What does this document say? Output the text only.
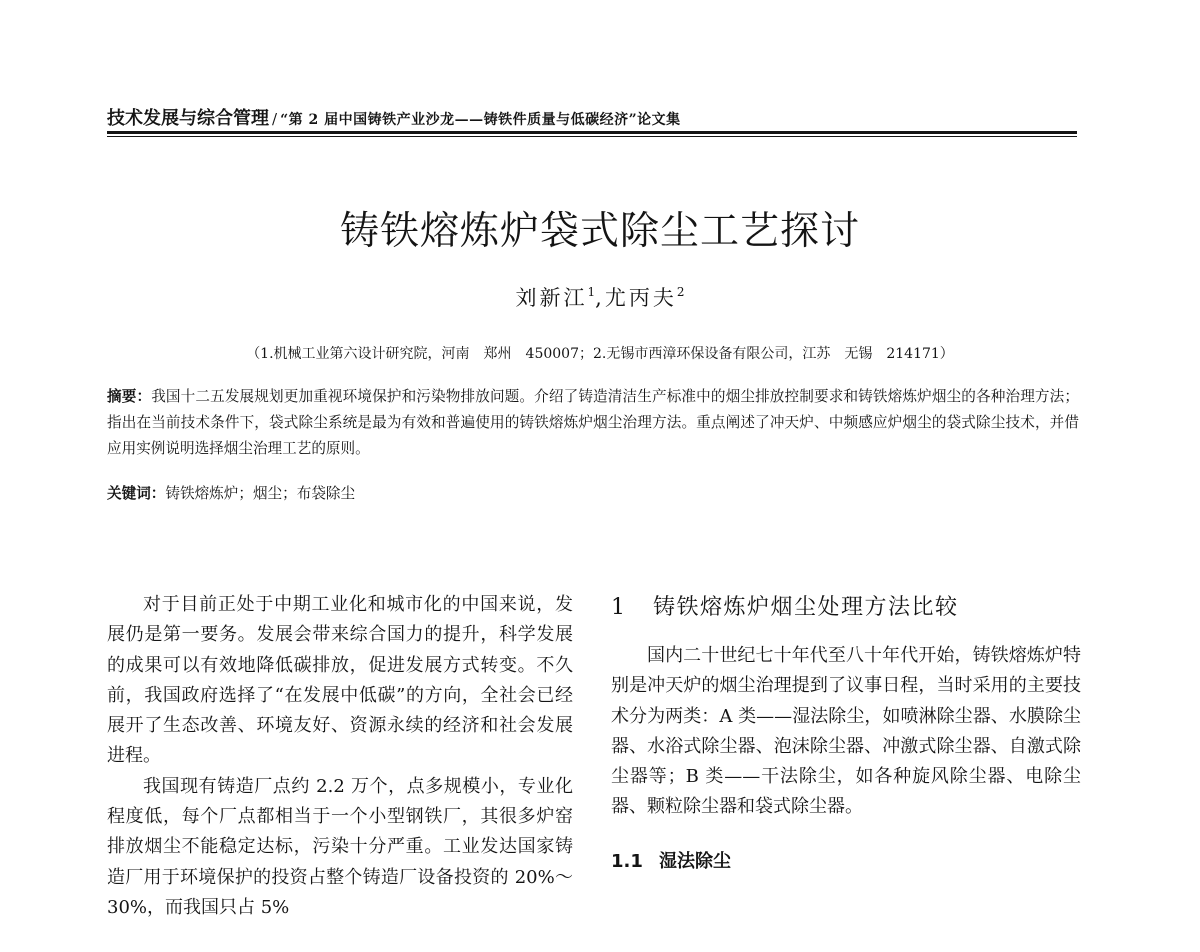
技术发展与综合管理 / “第 2 届中国铸铁产业沙龙——铸铁件质量与低碳经济”论文集
铸铁熔炼炉袋式除尘工艺探讨
刘新江$^1$,尤丙夫$^2$
（1.机械工业第六设计研究院，河南　郑州　450007；2.无锡市西漳环保设备有限公司，江苏　无锡　214171）
摘要：我国十二五发展规划更加重视环境保护和污染物排放问题。介绍了铸造清洁生产标准中的烟尘排放控制要求和铸铁熔炼炉烟尘的各种治理方法；指出在当前技术条件下，袋式除尘系统是最为有效和普遍使用的铸铁熔炼炉烟尘治理方法。重点阐述了冲天炉、中频感应炉烟尘的袋式除尘技术，并借应用实例说明选择烟尘治理工艺的原则。
关键词：铸铁熔炼炉；烟尘；布袋除尘

对于目前正处于中期工业化和城市化的中国来说，发展仍是第一要务。发展会带来综合国力的提升，科学发展的成果可以有效地降低碳排放，促进发展方式转变。不久前，我国政府选择了“在发展中低碳”的方向，全社会已经展开了生态改善、环境友好、资源永续的经济和社会发展进程。

我国现有铸造厂点约 2.2 万个，点多规模小，专业化程度低，每个厂点都相当于一个小型钢铁厂，其很多炉窑排放烟尘不能稳定达标，污染十分严重。工业发达国家铸造厂用于环境保护的投资占整个铸造厂设备投资的 20%～30%，而我国只占 5%

1 铸铁熔炼炉烟尘处理方法比较

国内二十世纪七十年代至八十年代开始，铸铁熔炼炉特别是冲天炉的烟尘治理提到了议事日程，当时采用的主要技术分为两类：A 类——湿法除尘，如喷淋除尘器、水膜除尘器、水浴式除尘器、泡沫除尘器、冲激式除尘器、自激式除尘器等；B 类——干法除尘，如各种旋风除尘器、电除尘器、颗粒除尘器和袋式除尘器。

1.1 湿法除尘
